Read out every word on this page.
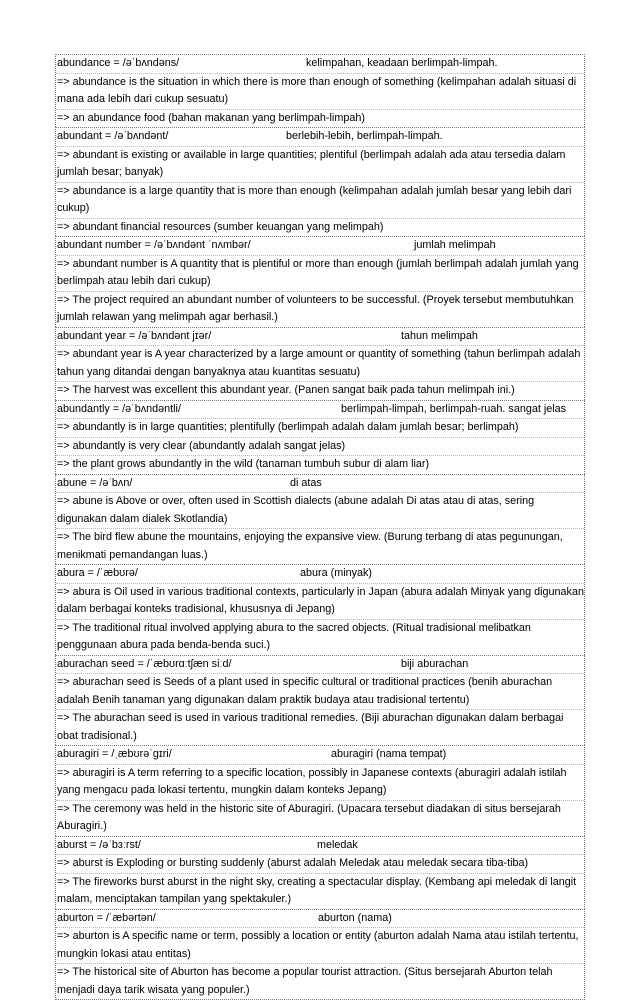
abundance = /əˈbʌndəns/	kelimpahan, keadaan berlimpah-limpah.
=> abundance is the situation in which there is more than enough of something (kelimpahan adalah situasi di mana ada lebih dari cukup sesuatu)
=> an abundance food (bahan makanan yang berlimpah-limpah)
abundant = /əˈbʌndənt/	berlebih-lebih, berlimpah-limpah.
=> abundant is existing or available in large quantities; plentiful (berlimpah adalah ada atau tersedia dalam jumlah besar; banyak)
=> abundance is a large quantity that is more than enough (kelimpahan adalah jumlah besar yang lebih dari cukup)
=> abundant financial resources (sumber keuangan yang melimpah)
abundant number = /əˈbʌndənt ˈnʌmbər/	jumlah melimpah
=> abundant number is A quantity that is plentiful or more than enough (jumlah berlimpah adalah jumlah yang berlimpah atau lebih dari cukup)
=> The project required an abundant number of volunteers to be successful. (Proyek tersebut membutuhkan jumlah relawan yang melimpah agar berhasil.)
abundant year = /əˈbʌndənt jɪər/	tahun melimpah
=> abundant year is A year characterized by a large amount or quantity of something (tahun berlimpah adalah tahun yang ditandai dengan banyaknya atau kuantitas sesuatu)
=> The harvest was excellent this abundant year. (Panen sangat baik pada tahun melimpah ini.)
abundantly = /əˈbʌndəntli/	berlimpah-limpah, berlimpah-ruah. sangat jelas
=> abundantly is in large quantities; plentifully (berlimpah adalah dalam jumlah besar; berlimpah)
=> abundantly is very clear (abundantly adalah sangat jelas)
=> the plant grows abundantly in the wild (tanaman tumbuh subur di alam liar)
abune = /əˈbʌn/	di atas
=> abune is Above or over, often used in Scottish dialects (abune adalah Di atas atau di atas, sering digunakan dalam dialek Skotlandia)
=> The bird flew abune the mountains, enjoying the expansive view. (Burung terbang di atas pegunungan, menikmati pemandangan luas.)
abura = /ˈæbʊrə/	abura (minyak)
=> abura is Oil used in various traditional contexts, particularly in Japan (abura adalah Minyak yang digunakan dalam berbagai konteks tradisional, khususnya di Jepang)
=> The traditional ritual involved applying abura to the sacred objects. (Ritual tradisional melibatkan penggunaan abura pada benda-benda suci.)
aburachan seed = /ˈæbʊrɑːtʃæn siːd/	biji aburachan
=> aburachan seed is Seeds of a plant used in specific cultural or traditional practices (benih aburachan adalah Benih tanaman yang digunakan dalam praktik budaya atau tradisional tertentu)
=> The aburachan seed is used in various traditional remedies. (Biji aburachan digunakan dalam berbagai obat tradisional.)
aburagiri = /ˌæbʊrəˈɡɪri/	aburagiri (nama tempat)
=> aburagiri is A term referring to a specific location, possibly in Japanese contexts (aburagiri adalah istilah yang mengacu pada lokasi tertentu, mungkin dalam konteks Jepang)
=> The ceremony was held in the historic site of Aburagiri. (Upacara tersebut diadakan di situs bersejarah Aburagiri.)
aburst = /əˈbɜːrst/	meledak
=> aburst is Exploding or bursting suddenly (aburst adalah Meledak atau meledak secara tiba-tiba)
=> The fireworks burst aburst in the night sky, creating a spectacular display. (Kembang api meledak di langit malam, menciptakan tampilan yang spektakuler.)
aburton = /ˈæbərtən/	aburton (nama)
=> aburton is A specific name or term, possibly a location or entity (aburton adalah Nama atau istilah tertentu, mungkin lokasi atau entitas)
=> The historical site of Aburton has become a popular tourist attraction. (Situs bersejarah Aburton telah menjadi daya tarik wisata yang populer.)
